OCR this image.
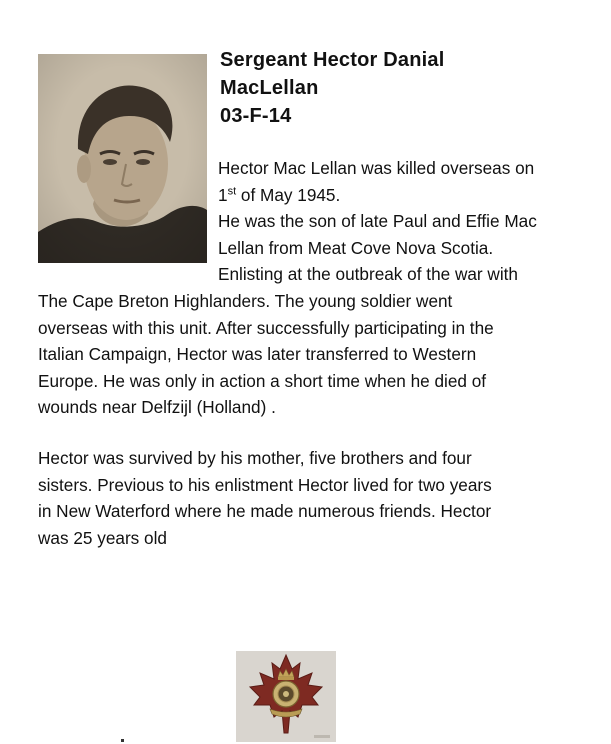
Sergeant Hector Danial
MacLellan
03-F-14

Hector Mac Lellan was killed overseas on
1st of May 1945.
He was the son of late Paul and Effie Mac
Lellan from Meat Cove Nova Scotia.
Enlisting at the outbreak of the war with

The Cape Breton Highlanders. The young soldier went
overseas with this unit. After successfully participating in the
Italian Campaign, Hector was later transferred to Western
Europe. He was only in action a short time when he died of
wounds near Delfzijl (Holland) .

Hector was survived by his mother, five brothers and four
sisters. Previous to his enlistment Hector lived for two years
in New Waterford where he made numerous friends. Hector
was 25 years old
